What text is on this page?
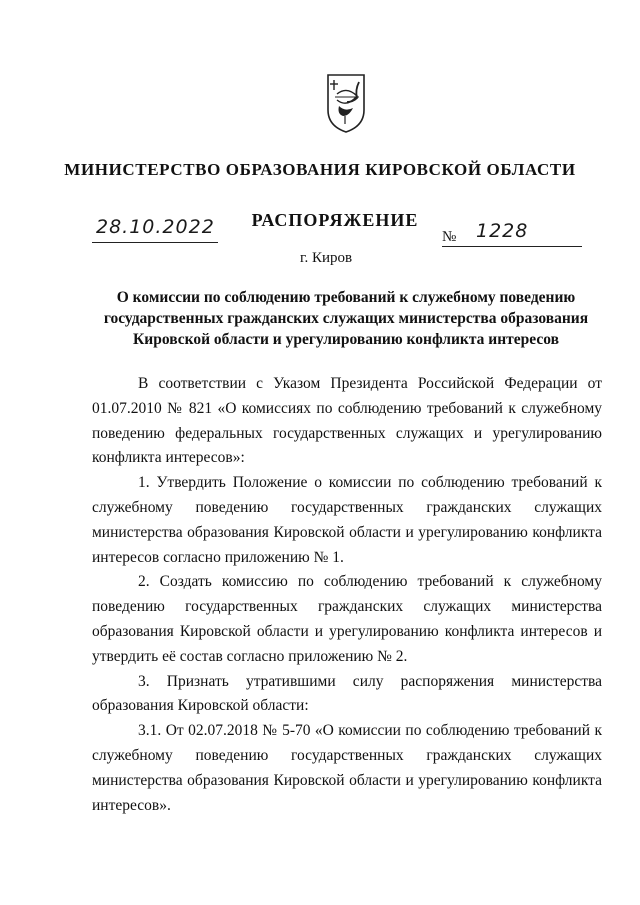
МИНИСТЕРСТВО ОБРАЗОВАНИЯ КИРОВСКОЙ ОБЛАСТИ
РАСПОРЯЖЕНИЕ
28.10.2022
г. Киров
№ 1228
О комиссии по соблюдению требований к служебному поведению государственных гражданских служащих министерства образования Кировской области и урегулированию конфликта интересов

В соответствии с Указом Президента Российской Федерации от 01.07.2010 № 821 «О комиссиях по соблюдению требований к служебному поведению федеральных государственных служащих и урегулированию конфликта интересов»:

1. Утвердить Положение о комиссии по соблюдению требований к служебному поведению государственных гражданских служащих министерства образования Кировской области и урегулированию конфликта интересов согласно приложению № 1.

2. Создать комиссию по соблюдению требований к служебному поведению государственных гражданских служащих министерства образования Кировской области и урегулированию конфликта интересов и утвердить её состав согласно приложению № 2.

3. Признать утратившими силу распоряжения министерства образования Кировской области:

3.1. От 02.07.2018 № 5-70 «О комиссии по соблюдению требований к служебному поведению государственных гражданских служащих министерства образования Кировской области и урегулированию конфликта интересов».
